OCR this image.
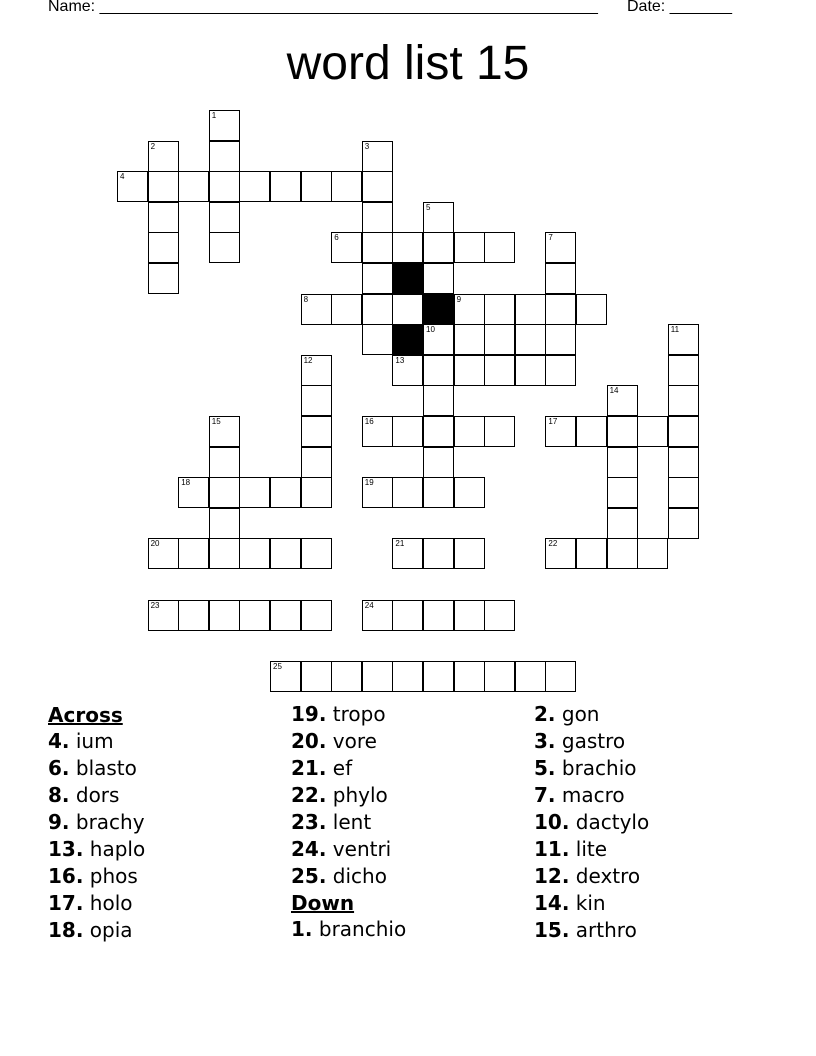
Name: ________________________________________________________

Date: _______

word list 15
1
2	3
4
5
10
6	7
8	9
11
12	13
14
15	16	17
18	19
20	21	22
23	24
25
Across
4. ium
6. blasto
8. dors
9. brachy
13. haplo
16. phos
17. holo
18. opia
19. tropo
20. vore
21. ef
22. phylo
23. lent
24. ventri
25. dicho
Down
1. branchio
2. gon
3. gastro
5. brachio
7. macro
10. dactylo
11. lite
12. dextro
14. kin
15. arthro
